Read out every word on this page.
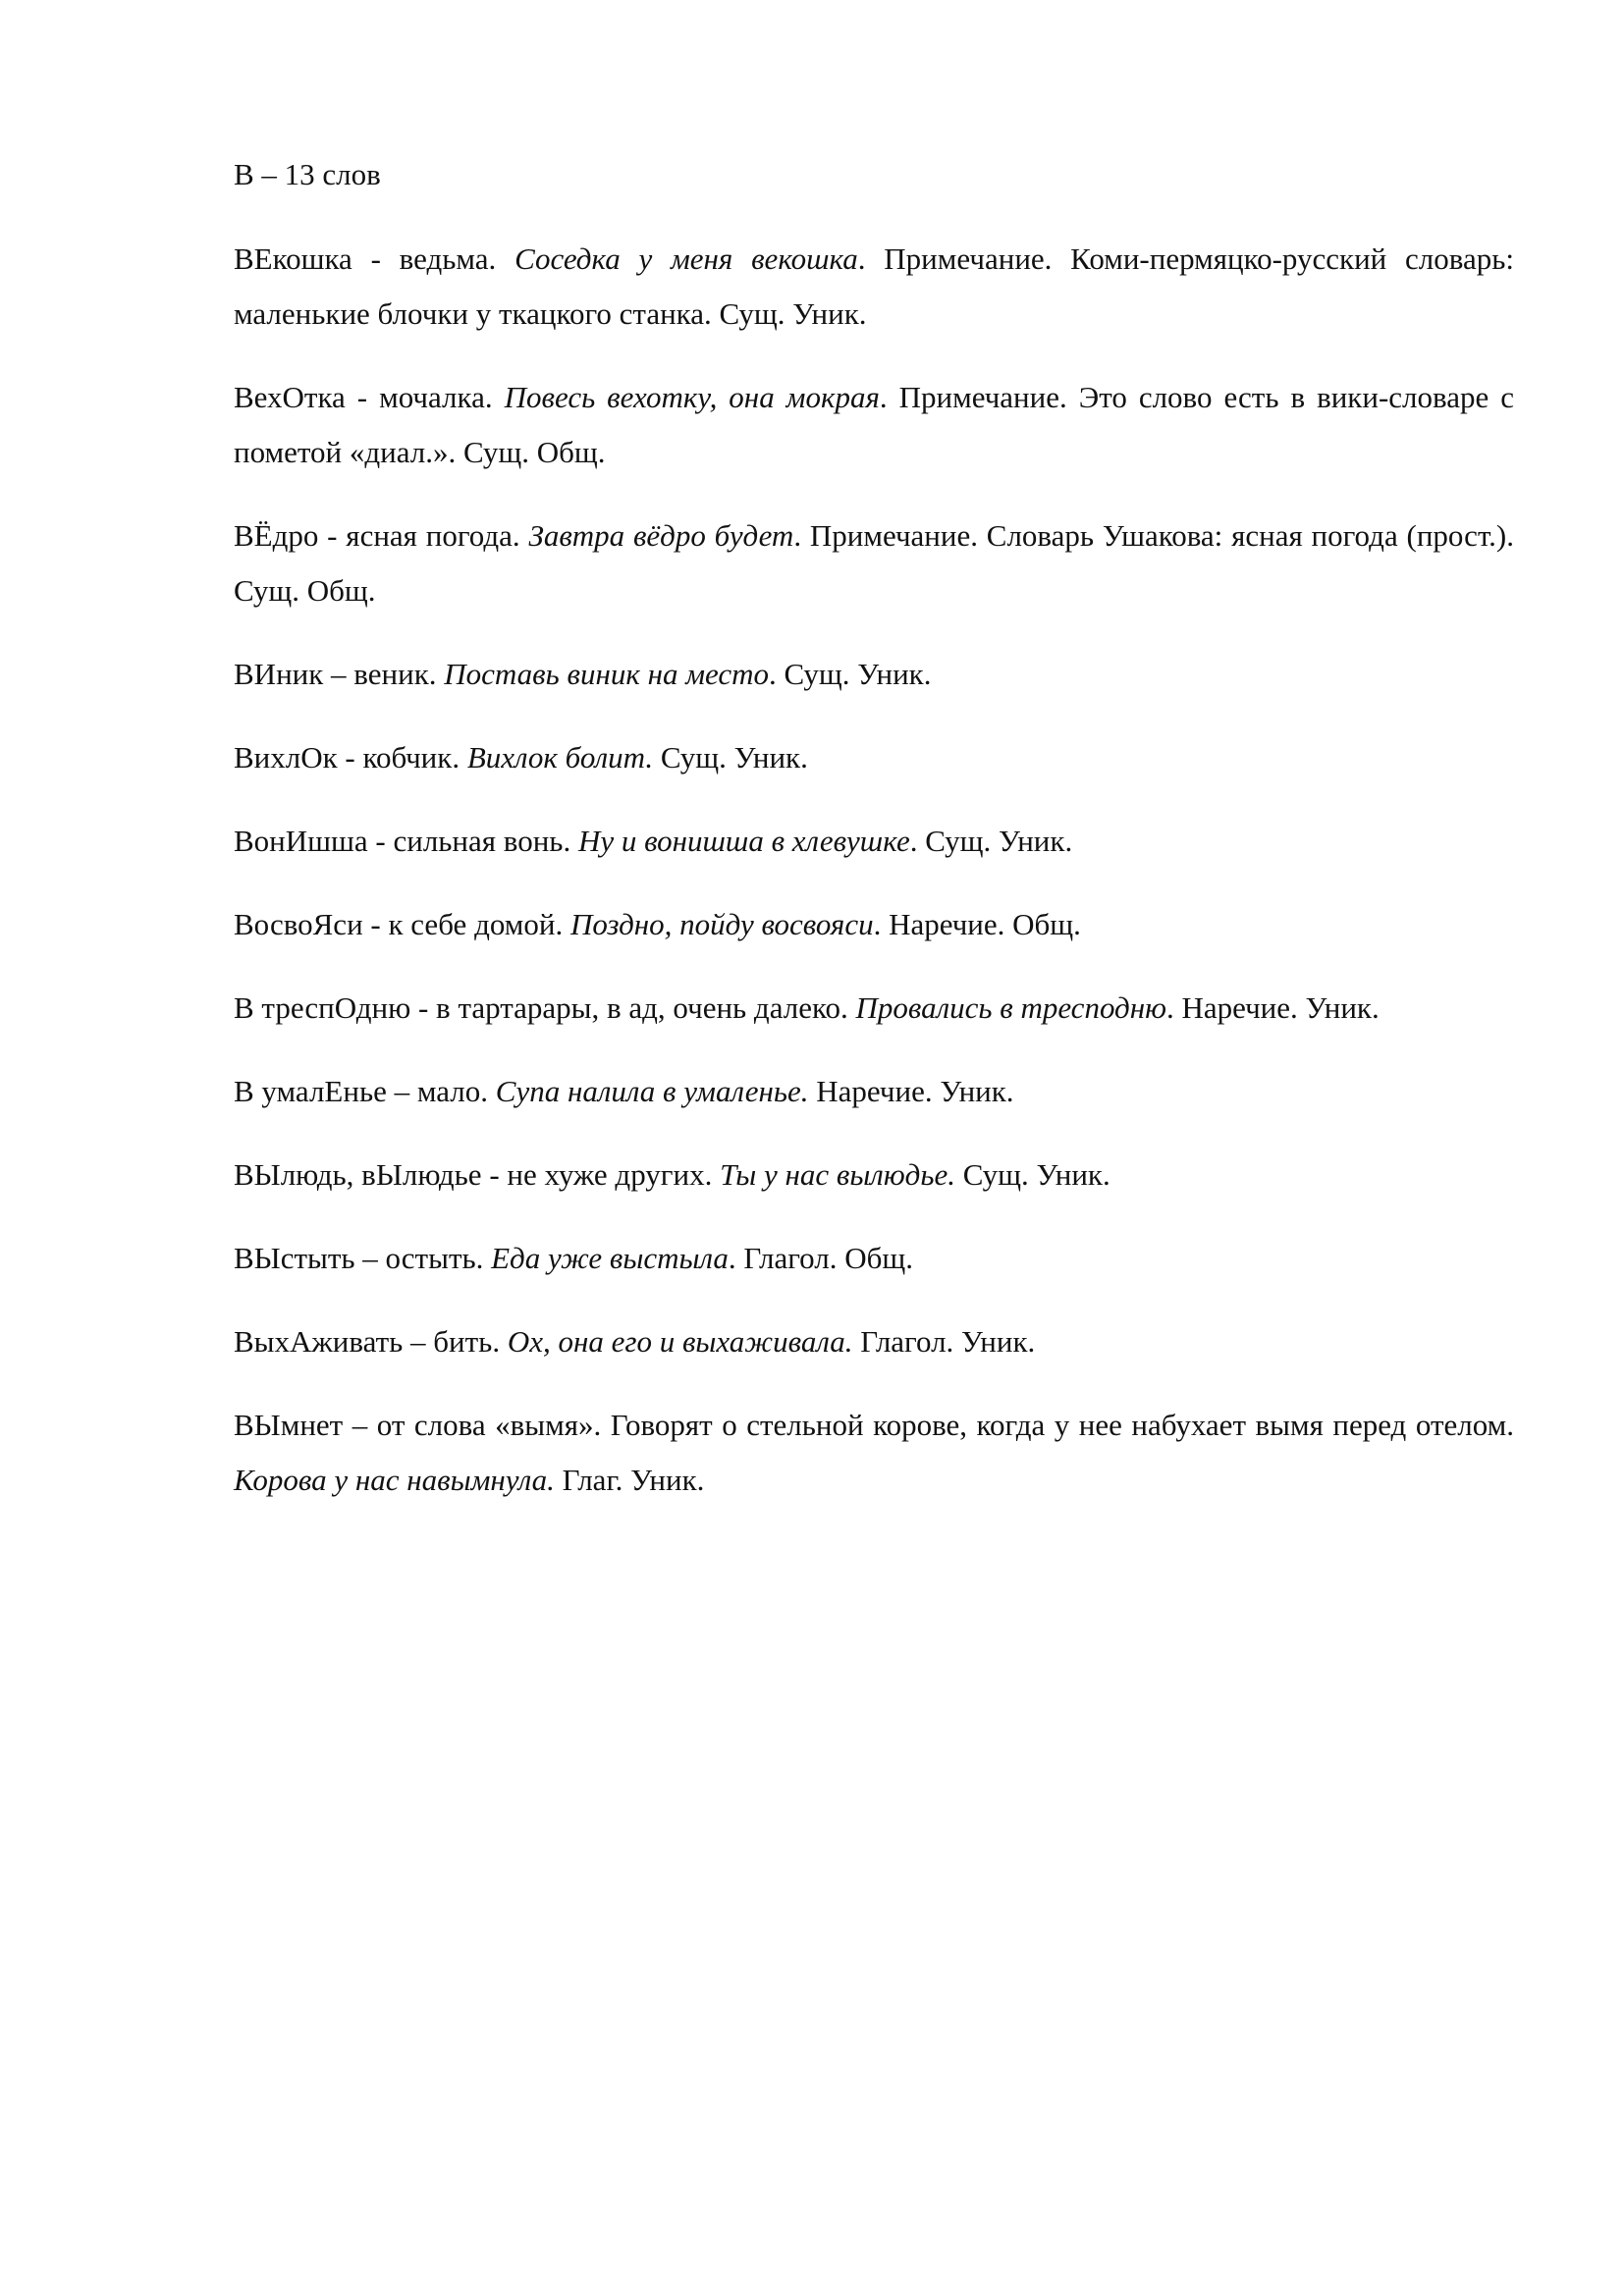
В – 13 слов

ВЕкошка - ведьма. Соседка у меня векошка. Примечание. Коми-пермяцко-русский словарь: маленькие блочки у ткацкого станка. Сущ. Уник.

ВехОтка - мочалка. Повесь вехотку, она мокрая. Примечание. Это слово есть в вики-словаре с пометой «диал.». Сущ. Общ.

ВЁдро - ясная погода. Завтра вёдро будет. Примечание. Словарь Ушакова: ясная погода (прост.). Сущ. Общ.

ВИник – веник. Поставь виник на место. Сущ. Уник.

ВихлОк - кобчик. Вихлок болит. Сущ. Уник.

ВонИшша - сильная вонь. Ну и вонишша в хлевушке. Сущ. Уник.

ВосвоЯси - к себе домой. Поздно, пойду восвояси. Наречие. Общ.

В треспОдню - в тартарары, в ад, очень далеко. Провались в тресподню. Наречие. Уник.

В умалЕнье – мало. Супа налила в умаленье. Наречие. Уник.

ВЫлюдь, вЫлюдье - не хуже других. Ты у нас вылюдье. Сущ. Уник.

ВЫстыть – остыть. Еда уже выстыла. Глагол. Общ.

ВыхАживать – бить. Ох, она его и выхаживала. Глагол. Уник.

ВЫмнет – от слова «вымя». Говорят о стельной корове, когда у нее набухает вымя перед отелом. Корова у нас навымнула. Глаг. Уник.
